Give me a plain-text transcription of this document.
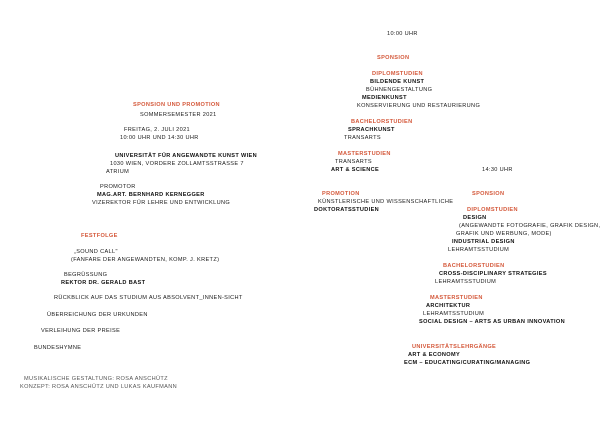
SPONSION UND PROMOTION
SOMMERSEMESTER 2021
FREITAG, 2. JULI 2021
10:00 UHR UND 14:30 UHR
UNIVERSITÄT FÜR ANGEWANDTE KUNST WIEN
1030 WIEN, VORDERE ZOLLAMTSSTRASSE 7
ATRIUM
PROMOTOR
MAG.ART. BERNHARD KERNEGGER
VIZEREKTOR FÜR LEHRE UND ENTWICKLUNG
FESTFOLGE
„SOUND CALL"
(FANFARE DER ANGEWANDTEN, KOMP. J. KRETZ)
BEGRÜSSUNG
REKTOR DR. GERALD BAST
RÜCKBLICK AUF DAS STUDIUM AUS ABSOLVENT_INNEN-SICHT
ÜBERREICHUNG DER URKUNDEN
VERLEIHUNG DER PREISE
BUNDESHYMNE
MUSIKALISCHE GESTALTUNG: ROSA ANSCHÜTZ
KONZEPT: ROSA ANSCHÜTZ UND LUKAS KAUFMANN
10:00 UHR
SPONSION
DIPLOMSTUDIEN
BILDENDE KUNST
BÜHNENGESTALTUNG
MEDIENKUNST
KONSERVIERUNG UND RESTAURIERUNG
BACHELORSTUDIEN
SPRACHKUNST
TRANSARTS
MASTERSTUDIEN
TRANSARTS
ART & SCIENCE
PROMOTION
KÜNSTLERISCHE UND WISSENSCHAFTLICHE
DOKTORATSSTUDIEN
14:30 UHR
SPONSION
DIPLOMSTUDIEN
DESIGN
(ANGEWANDTE FOTOGRAFIE, GRAFIK DESIGN,
GRAFIK UND WERBUNG, MODE)
INDUSTRIAL DESIGN
LEHRAMTSSTUDIUM
BACHELORSTUDIEN
CROSS-DISCIPLINARY STRATEGIES
LEHRAMTSSTUDIUM
MASTERSTUDIEN
ARCHITEKTUR
LEHRAMTSSTUDIUM
SOCIAL DESIGN – ARTS AS URBAN INNOVATION
UNIVERSITÄTSLEHRGÄNGE
ART & ECONOMY
ECM – EDUCATING/CURATING/MANAGING
